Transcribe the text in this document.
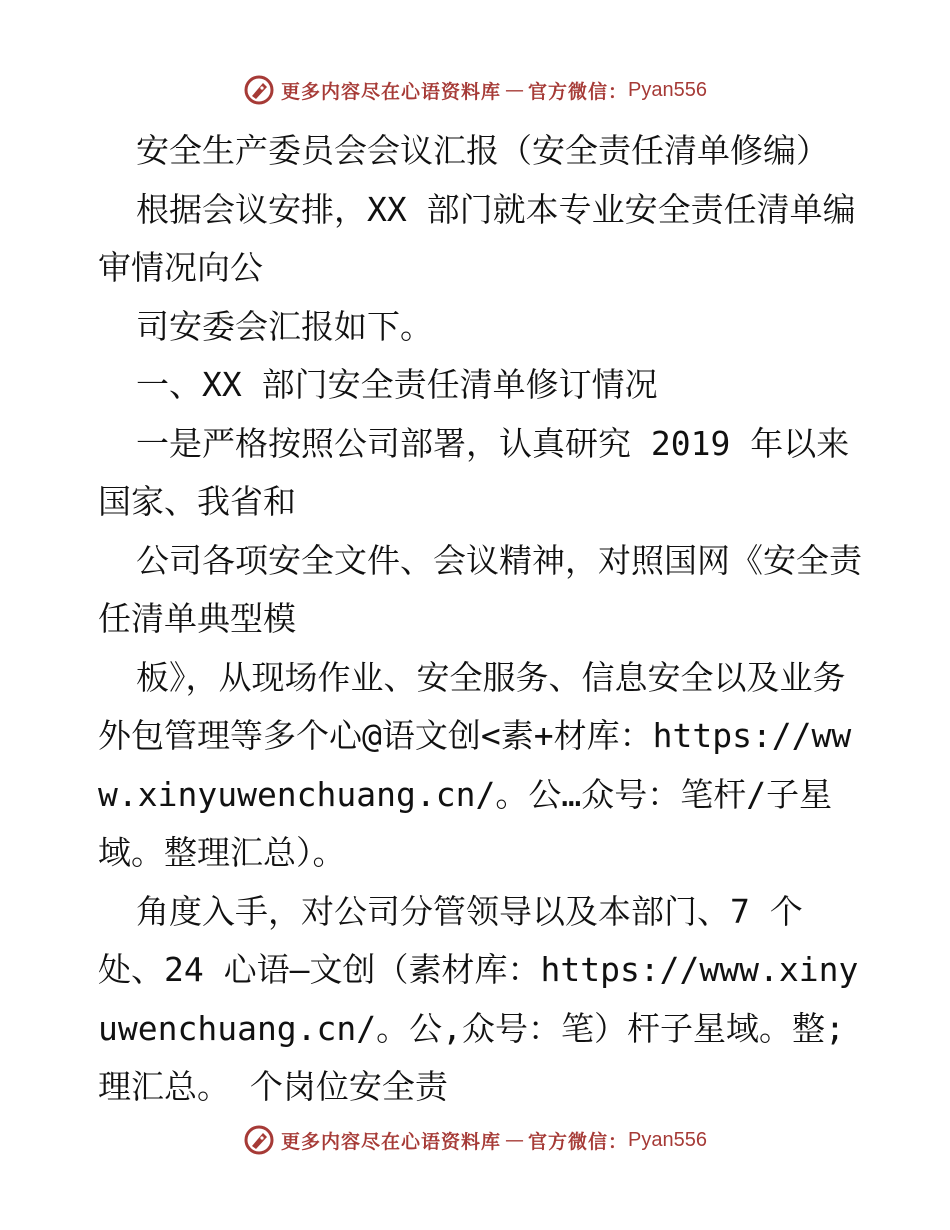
更多内容尽在心语资料库 — 官方微信： Pyan556

安全生产委员会会议汇报（安全责任清单修编）

根据会议安排，XX 部门就本专业安全责任清单编审情况向公

司安委会汇报如下。

一、XX 部门安全责任清单修订情况

一是严格按照公司部署，认真研究 2019 年以来国家、我省和

公司各项安全文件、会议精神，对照国网《安全责任清单典型模

板》，从现场作业、安全服务、信息安全以及业务外包管理等多个心@语文创<素+材库：https://www.xinyuwenchuang.cn/。公…众号：笔杆/子星域。整理汇总）。

角度入手，对公司分管领导以及本部门、7 个处、24 心语—文创（素材库：https://www.xinyuwenchuang.cn/。公,众号：笔）杆子星域。整;理汇总。 个岗位安全责

更多内容尽在心语资料库 — 官方微信： Pyan556
